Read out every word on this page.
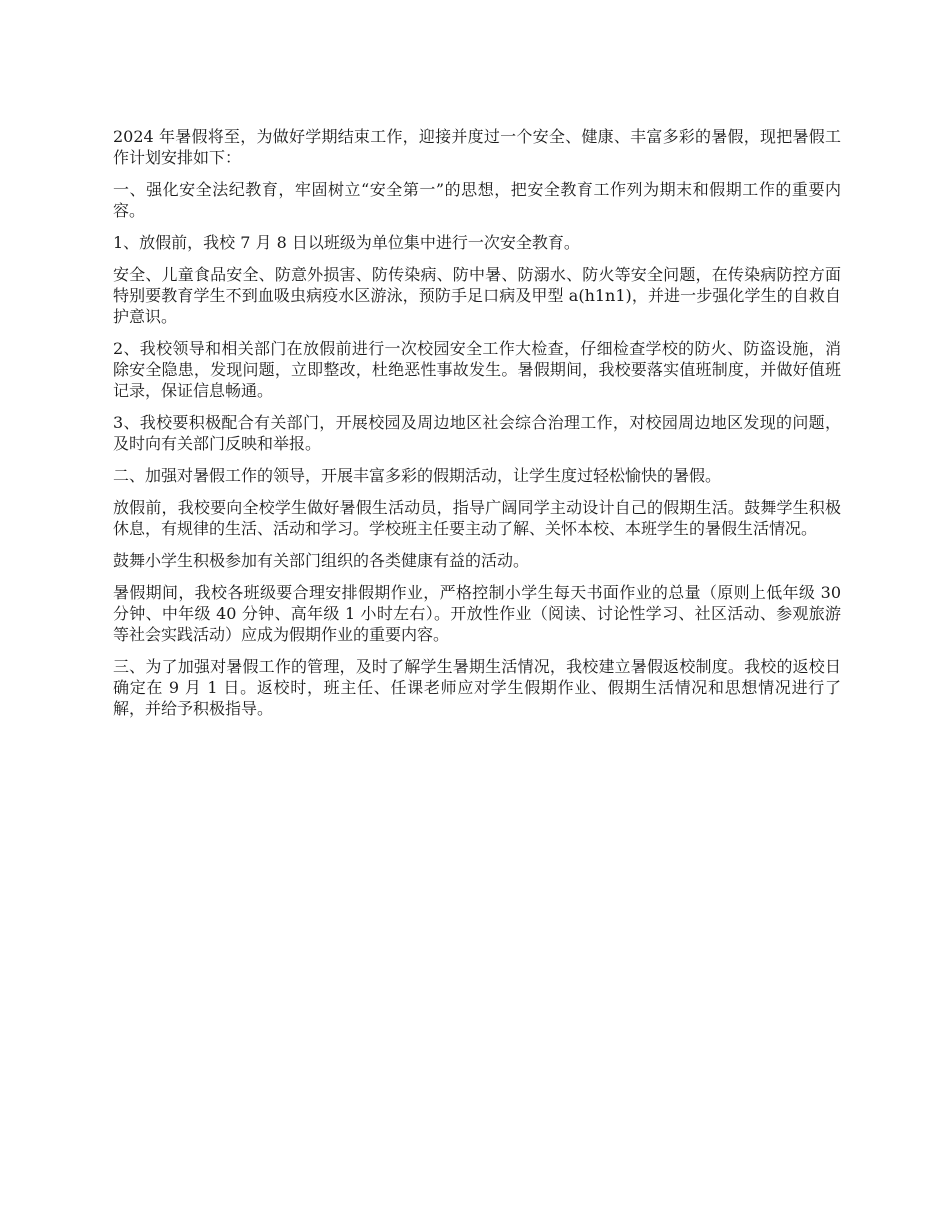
2024 年暑假将至，为做好学期结束工作，迎接并度过一个安全、健康、丰富多彩的暑假，现把暑假工作计划安排如下：

一、强化安全法纪教育，牢固树立“安全第一”的思想，把安全教育工作列为期末和假期工作的重要内容。

1、放假前，我校 7 月 8 日以班级为单位集中进行一次安全教育。

安全、儿童食品安全、防意外损害、防传染病、防中暑、防溺水、防火等安全问题，在传染病防控方面特别要教育学生不到血吸虫病疫水区游泳，预防手足口病及甲型 a(h1n1)，并进一步强化学生的自救自护意识。

2、我校领导和相关部门在放假前进行一次校园安全工作大检查，仔细检查学校的防火、防盗设施，消除安全隐患，发现问题，立即整改，杜绝恶性事故发生。暑假期间，我校要落实值班制度，并做好值班记录，保证信息畅通。

3、我校要积极配合有关部门，开展校园及周边地区社会综合治理工作，对校园周边地区发现的问题，及时向有关部门反映和举报。

二、加强对暑假工作的领导，开展丰富多彩的假期活动，让学生度过轻松愉快的暑假。

放假前，我校要向全校学生做好暑假生活动员，指导广阔同学主动设计自己的假期生活。鼓舞学生积极休息，有规律的生活、活动和学习。学校班主任要主动了解、关怀本校、本班学生的暑假生活情况。

鼓舞小学生积极参加有关部门组织的各类健康有益的活动。

暑假期间，我校各班级要合理安排假期作业，严格控制小学生每天书面作业的总量（原则上低年级 30 分钟、中年级 40 分钟、高年级 1 小时左右）。开放性作业（阅读、讨论性学习、社区活动、参观旅游等社会实践活动）应成为假期作业的重要内容。

三、为了加强对暑假工作的管理，及时了解学生暑期生活情况，我校建立暑假返校制度。我校的返校日确定在 9 月 1 日。返校时，班主任、任课老师应对学生假期作业、假期生活情况和思想情况进行了解，并给予积极指导。
